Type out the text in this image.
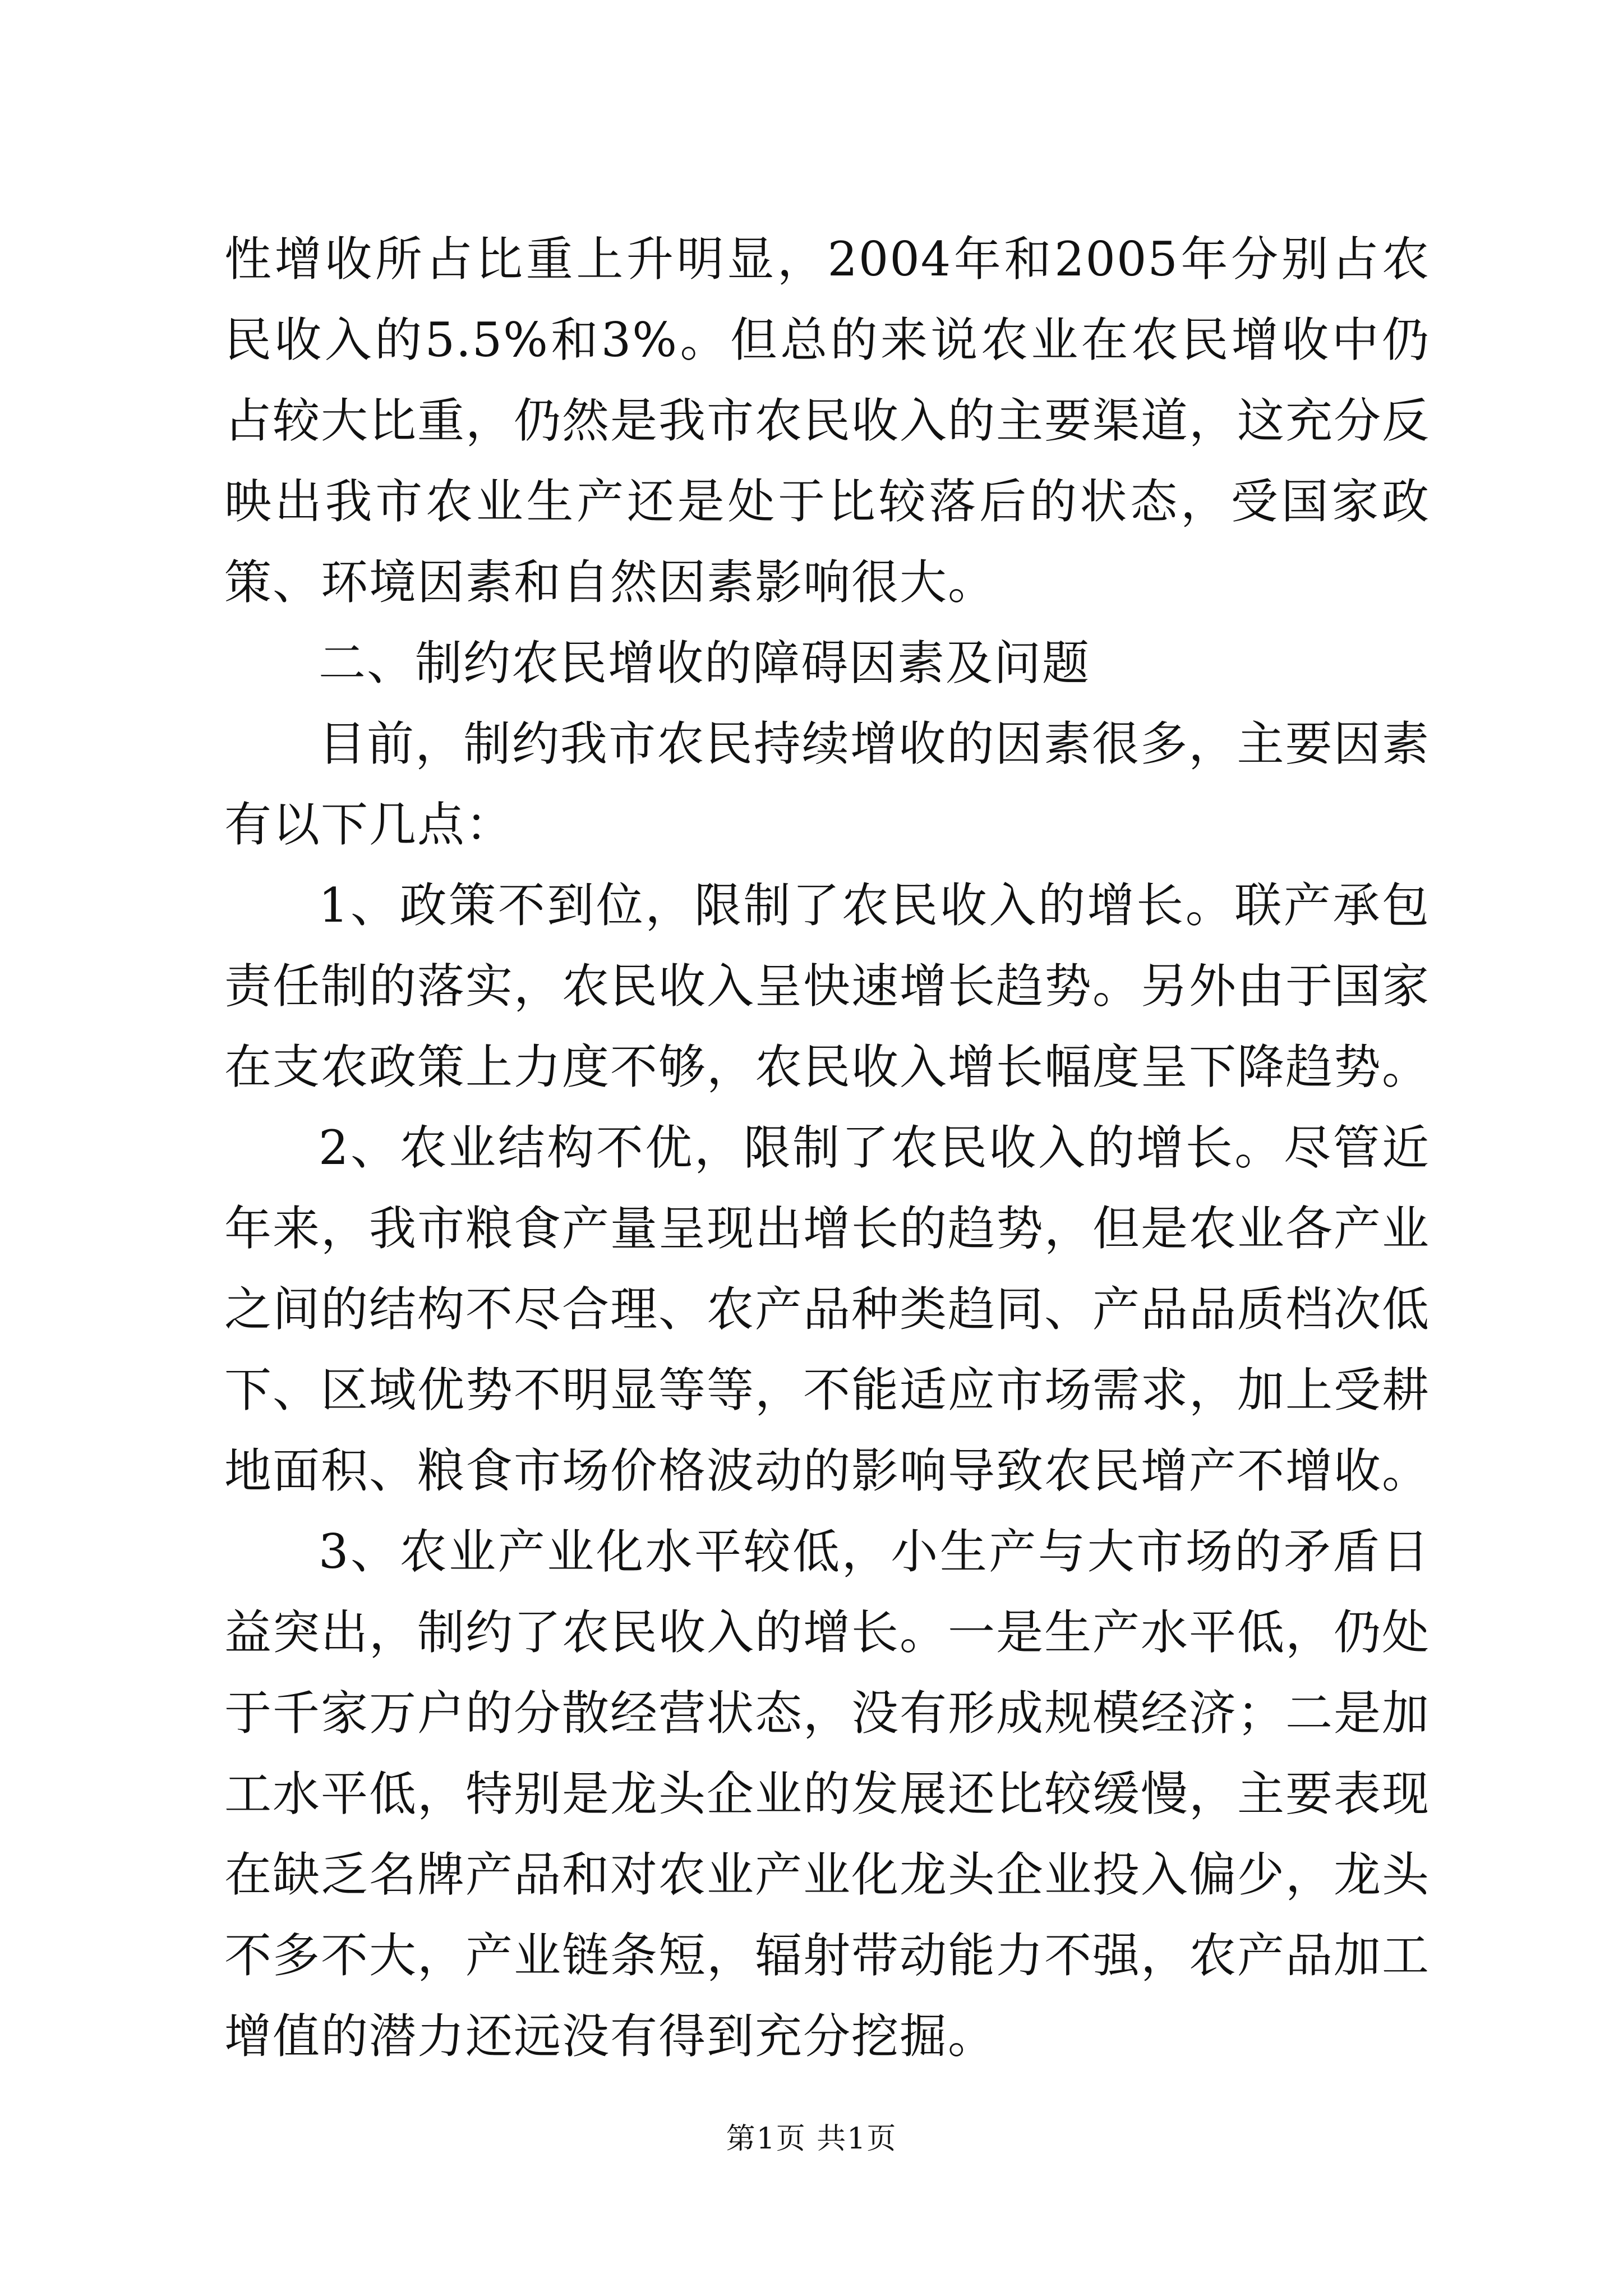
性增收所占比重上升明显，2004年和2005年分别占农民收入的5.5%和3%。但总的来说农业在农民增收中仍占较大比重，仍然是我市农民收入的主要渠道，这充分反映出我市农业生产还是处于比较落后的状态，受国家政策、环境因素和自然因素影响很大。

二、制约农民增收的障碍因素及问题

目前，制约我市农民持续增收的因素很多，主要因素有以下几点：

1、政策不到位，限制了农民收入的增长。联产承包责任制的落实，农民收入呈快速增长趋势。另外由于国家在支农政策上力度不够，农民收入增长幅度呈下降趋势。

2、农业结构不优，限制了农民收入的增长。尽管近年来，我市粮食产量呈现出增长的趋势，但是农业各产业之间的结构不尽合理、农产品种类趋同、产品品质档次低下、区域优势不明显等等，不能适应市场需求，加上受耕地面积、粮食市场价格波动的影响导致农民增产不增收。

3、农业产业化水平较低，小生产与大市场的矛盾日益突出，制约了农民收入的增长。一是生产水平低，仍处于千家万户的分散经营状态，没有形成规模经济；二是加工水平低，特别是龙头企业的发展还比较缓慢，主要表现在缺乏名牌产品和对农业产业化龙头企业投入偏少，龙头不多不大，产业链条短，辐射带动能力不强，农产品加工增值的潜力还远没有得到充分挖掘。

第1页 共1页
